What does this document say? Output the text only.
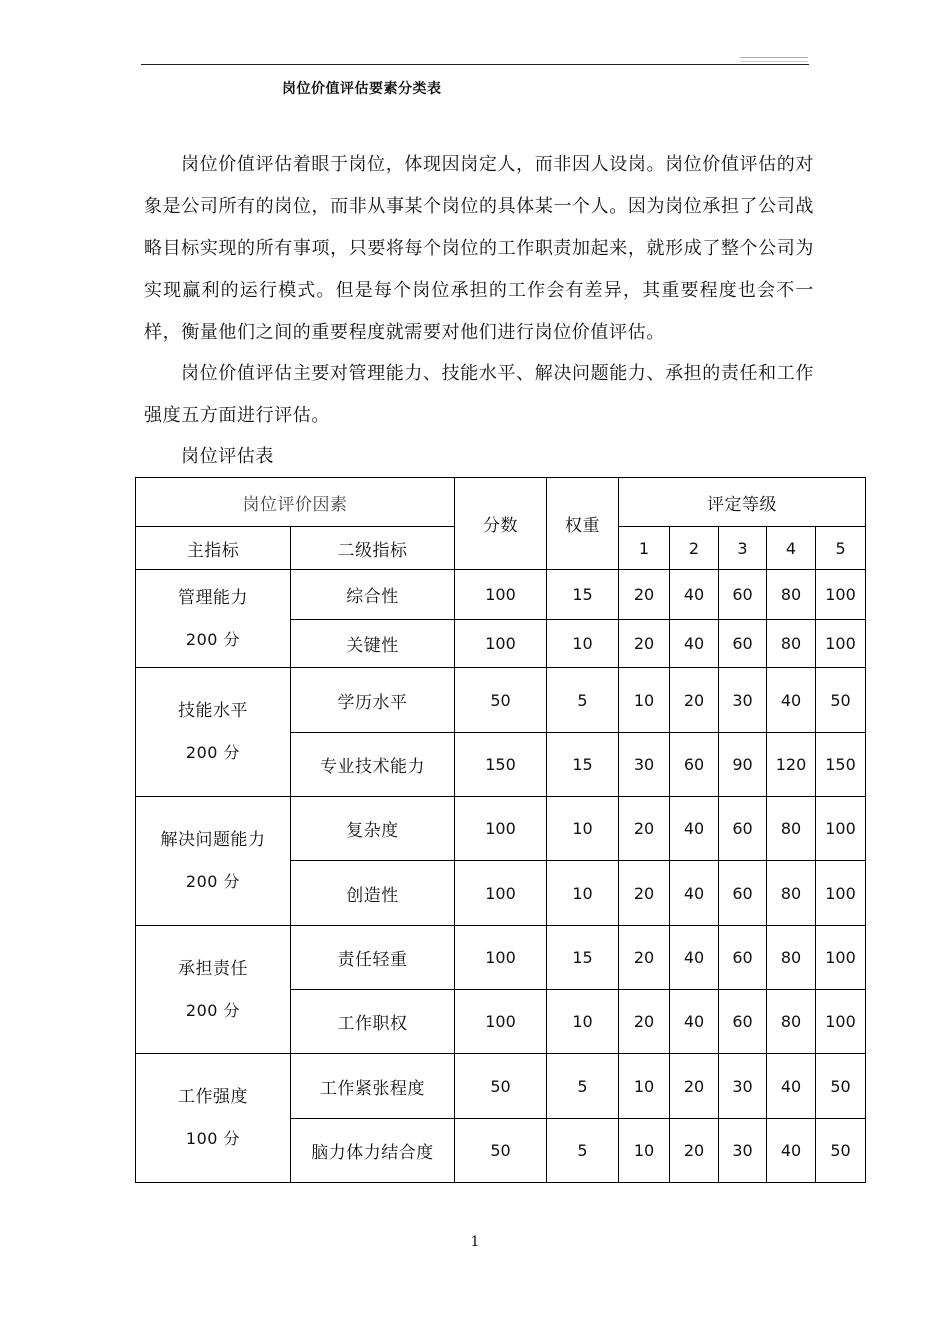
岗位价值评估要素分类表

岗位价值评估着眼于岗位，体现因岗定人，而非因人设岗。岗位价值评估的对象是公司所有的岗位，而非从事某个岗位的具体某一个人。因为岗位承担了公司战略目标实现的所有事项，只要将每个岗位的工作职责加起来，就形成了整个公司为实现赢利的运行模式。但是每个岗位承担的工作会有差异，其重要程度也会不一样，衡量他们之间的重要程度就需要对他们进行岗位价值评估。

岗位价值评估主要对管理能力、技能水平、解决问题能力、承担的责任和工作强度五方面进行评估。

岗位评估表
岗位评价因素		分数	权重	评定等级				
主指标	二级指标			1	2	3	4	5

管理能力
200 分	综合性	100	15	20	40	60	80	100
	关键性	100	10	20	40	60	80	100

技能水平
200 分	学历水平	50	5	10	20	30	40	50
	专业技术能力	150	15	30	60	90	120	150

解决问题能力
200 分	复杂度	100	10	20	40	60	80	100
	创造性	100	10	20	40	60	80	100

承担责任
200 分	责任轻重	100	15	20	40	60	80	100
	工作职权	100	10	20	40	60	80	100

工作强度
100 分	工作紧张程度	50	5	10	20	30	40	50
	脑力体力结合度	50	5	10	20	30	40	50
1
